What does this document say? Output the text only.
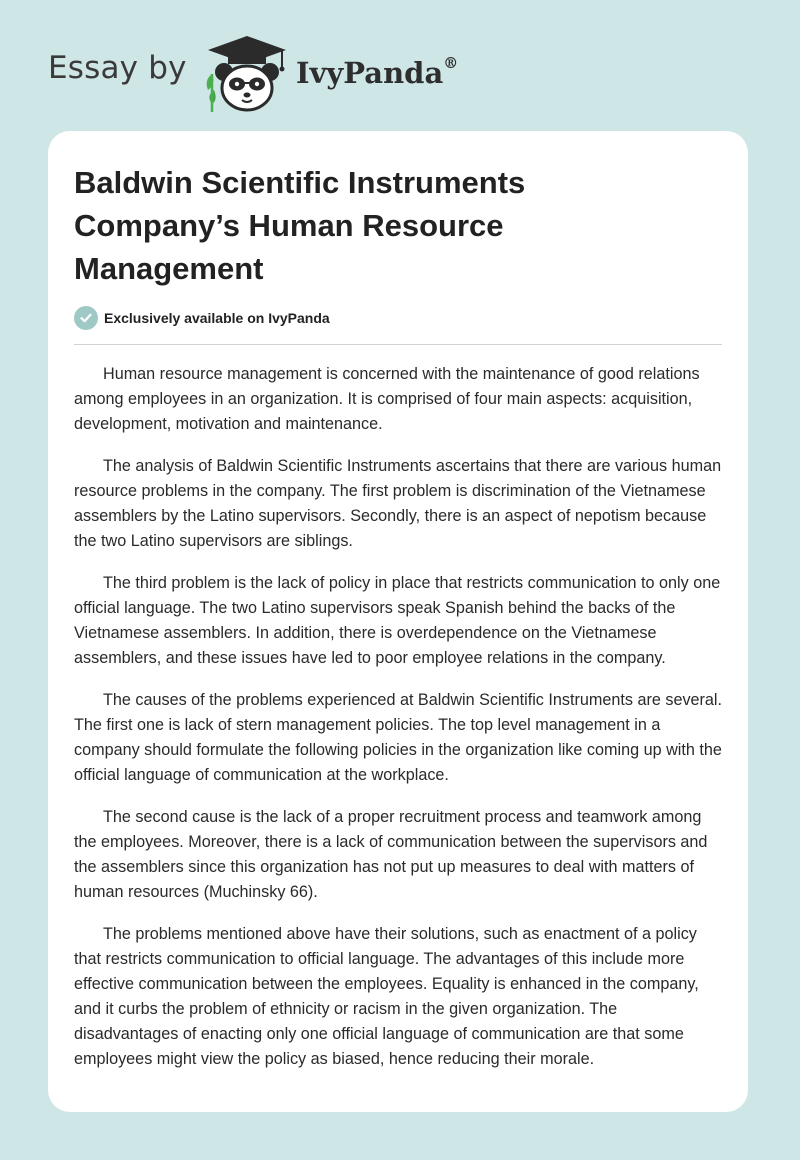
Essay by	IvyPanda®
Baldwin Scientific Instruments Company’s Human Resource Management
Exclusively available on IvyPanda

Human resource management is concerned with the maintenance of good relations among employees in an organization. It is comprised of four main aspects: acquisition, development, motivation and maintenance.

The analysis of Baldwin Scientific Instruments ascertains that there are various human resource problems in the company. The first problem is discrimination of the Vietnamese assemblers by the Latino supervisors. Secondly, there is an aspect of nepotism because the two Latino supervisors are siblings.

The third problem is the lack of policy in place that restricts communication to only one official language. The two Latino supervisors speak Spanish behind the backs of the Vietnamese assemblers. In addition, there is overdependence on the Vietnamese assemblers, and these issues have led to poor employee relations in the company.

The causes of the problems experienced at Baldwin Scientific Instruments are several. The first one is lack of stern management policies. The top level management in a company should formulate the following policies in the organization like coming up with the official language of communication at the workplace.

The second cause is the lack of a proper recruitment process and teamwork among the employees. Moreover, there is a lack of communication between the supervisors and the assemblers since this organization has not put up measures to deal with matters of human resources (Muchinsky 66).

The problems mentioned above have their solutions, such as enactment of a policy that restricts communication to official language. The advantages of this include more effective communication between the employees. Equality is enhanced in the company, and it curbs the problem of ethnicity or racism in the given organization. The disadvantages of enacting only one official language of communication are that some employees might view the policy as biased, hence reducing their morale.
